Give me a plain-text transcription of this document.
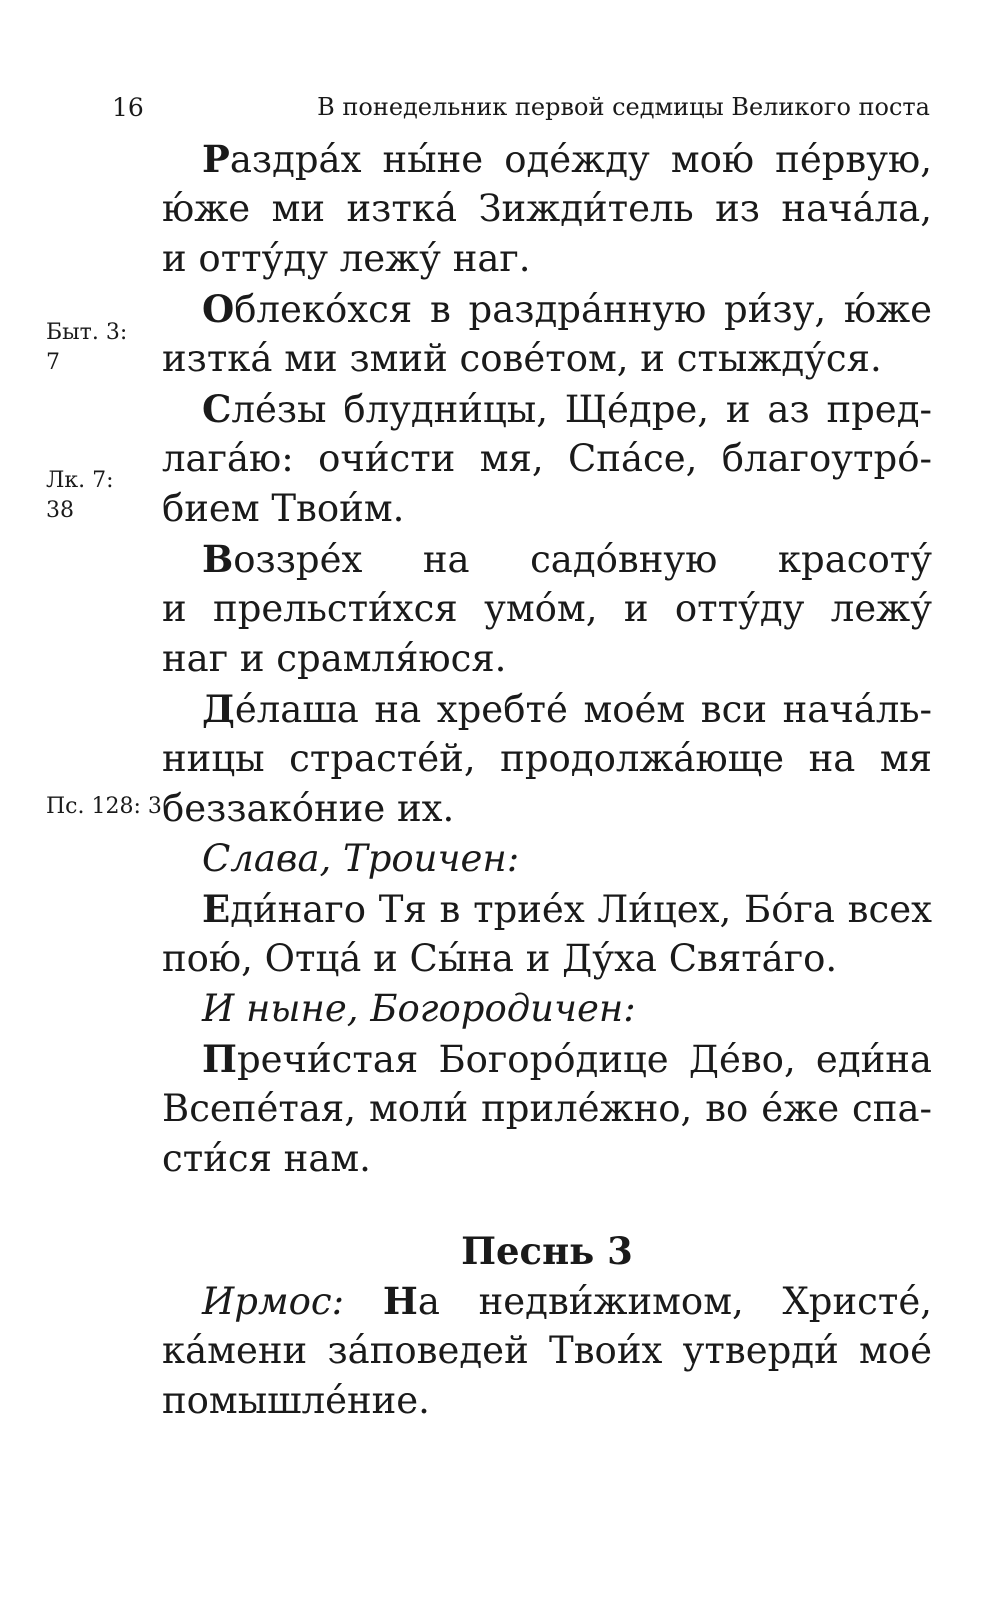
16	В понедельник первой седмицы Великого поста
Быт. 3:
7
Лк. 7:
38
Пс. 128: 3
Раздра́х ны́не оде́жду мою́ пе́рвую,
ю́же ми изтка́ Зижди́тель из нача́ла,
и отту́ду лежу́ наг.
Облеко́хся в раздра́нную ри́зу, ю́же
изтка́ ми змий сове́том, и стыжду́ся.
Сле́зы блудни́цы, Ще́дре, и аз пред-
лага́ю: очи́сти мя, Спа́се, благоутро́-
бием Твои́м.
Воззре́х на садо́вную красоту́
и прельсти́хся умо́м, и отту́ду лежу́
наг и срамля́юся.
Де́лаша на хребте́ мое́м вси нача́ль-
ницы страсте́й, продолжа́юще на мя
беззако́ние их.
Слава, Троичен:
Еди́наго Тя в трие́х Ли́цех, Бо́га всех
пою́, Отца́ и Сы́на и Ду́ха Свята́го.
И ныне, Богородичен:
Пречи́стая Богоро́дице Де́во, еди́на
Всепе́тая, моли́ приле́жно, во е́же спа-
сти́ся нам.
Песнь 3
Ирмос: На недви́жимом, Христе́,
ка́мени за́поведей Твои́х утверди́ мое́
помышле́ние.
